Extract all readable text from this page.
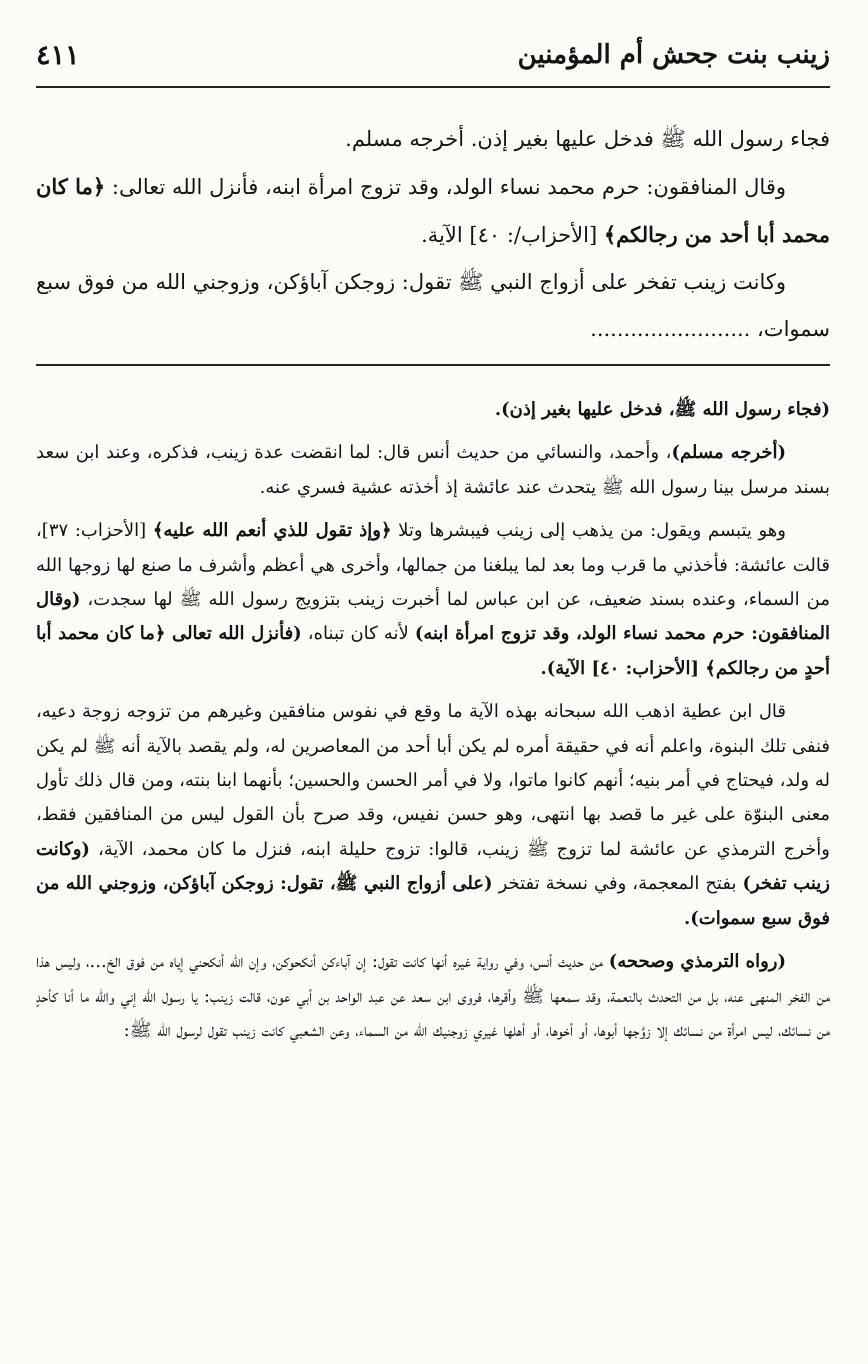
زينب بنت جحش أم المؤمنين
٤١١

فجاء رسول الله ﷺ فدخل عليها بغير إذن. أخرجه مسلم.

وقال المنافقون: حرم محمد نساء الولد، وقد تزوج امرأة ابنه، فأنزل الله تعالى: ﴿ما كان محمد أبا أحد من رجالكم﴾ [الأحزاب/: ٤٠] الآية.

وكانت زينب تفخر على أزواج النبي ﷺ تقول: زوجكن آباؤكن، وزوجني الله من فوق سبع سموات، ........................

(فجاء رسول الله ﷺ، فدخل عليها بغير إذن).

(أخرجه مسلم)، وأحمد، والنسائي من حديث أنس قال: لما انقضت عدة زينب، فذكره، وعند ابن سعد بسند مرسل بينا رسول الله ﷺ يتحدث عند عائشة إذ أخذته عشية فسري عنه.

وهو يتبسم ويقول: من يذهب إلى زينب فيبشرها وتلا ﴿وإذ تقول للذي أنعم الله عليه﴾ [الأحزاب: ٣٧]، قالت عائشة: فأخذني ما قرب وما بعد لما يبلغنا من جمالها، وأخرى هي أعظم وأشرف ما صنع لها زوجها الله من السماء، وعنده بسند ضعيف، عن ابن عباس لما أخبرت زينب بتزويج رسول الله ﷺ لها سجدت، (وقال المنافقون: حرم محمد نساء الولد، وقد تزوج امرأة ابنه) لأنه كان تبناه، (فأنزل الله تعالى ﴿ما كان محمد أبا أحدٍ من رجالكم﴾ [الأحزاب: ٤٠] الآية).

قال ابن عطية اذهب الله سبحانه بهذه الآية ما وقع في نفوس منافقين وغيرهم من تزوجه زوجة دعيه، فنفى تلك البنوة، واعلم أنه في حقيقة أمره لم يكن أبا أحد من المعاصرين له، ولم يقصد بالآية أنه ﷺ لم يكن له ولد، فيحتاج في أمر بنيه؛ أنهم كانوا ماتوا، ولا في أمر الحسن والحسين؛ بأنهما ابنا بنته، ومن قال ذلك تأول معنى البنوّة على غير ما قصد بها انتهى، وهو حسن نفيس، وقد صرح بأن القول ليس من المنافقين فقط، وأخرج الترمذي عن عائشة لما تزوج ﷺ زينب، قالوا: تزوج حليلة ابنه، فنزل ما كان محمد، الآية، (وكانت زينب تفخر) بفتح المعجمة، وفي نسخة تفتخر (على أزواج النبي ﷺ، تقول: زوجكن آباؤكن، وزوجني الله من فوق سبع سموات).

(رواه الترمذي وصححه) من حديث أنس، وفي رواية غيره أنها كانت تقول: إن آباءكن أنكحوكن، وإن الله أنكحني إياه من فوق الخ...، وليس هذا من الفخر المنهى عنه، بل من التحدث بالنعمة، وقد سمعها ﷺ وأقرها، فروى ابن سعد عن عبد الواحد بن أبي عون، قالت زينب: يا رسول الله إني والله ما أنا كأحدٍ من نسائك، ليس امرأة من نسائك إلا زوَّجها أبوها، أو أخوها، أو أهلها غيري زوجنيك الله من السماء، وعن الشعبي كانت زينب تقول لرسول الله ﷺ:
